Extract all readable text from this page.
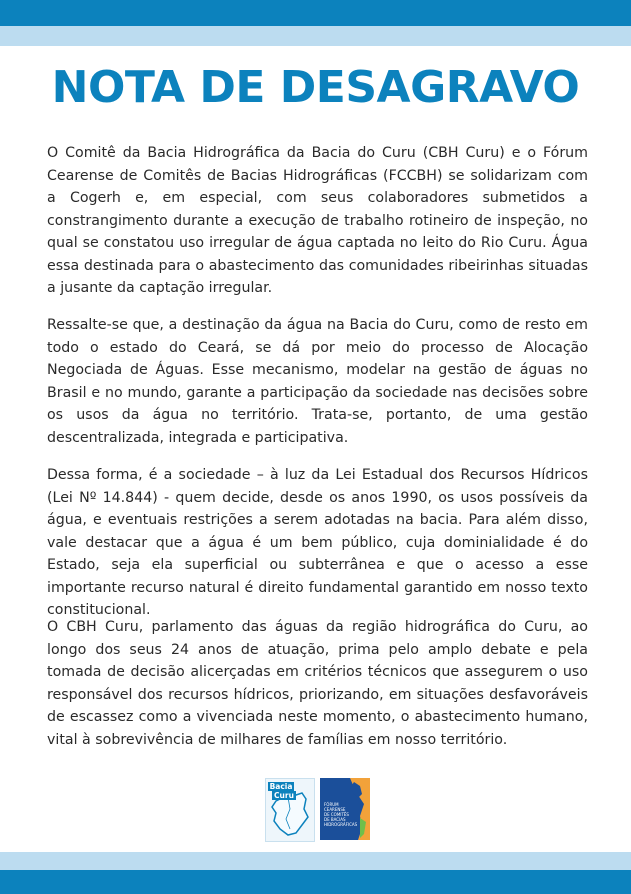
NOTA DE DESAGRAVO

O Comitê da Bacia Hidrográfica da Bacia do Curu (CBH Curu) e o Fórum Cearense de Comitês de Bacias Hidrográficas (FCCBH) se solidarizam com a Cogerh e, em especial, com seus colaboradores submetidos a constrangimento durante a execução de trabalho rotineiro de inspeção, no qual se constatou uso irregular de água captada no leito do Rio Curu. Água essa destinada para o abastecimento das comunidades ribeirinhas situadas a jusante da captação irregular.

Ressalte-se que, a destinação da água na Bacia do Curu, como de resto em todo o estado do Ceará, se dá por meio do processo de Alocação Negociada de Águas. Esse mecanismo, modelar na gestão de águas no Brasil e no mundo, garante a participação da sociedade nas decisões sobre os usos da água no território. Trata-se, portanto, de uma gestão descentralizada, integrada e participativa.

Dessa forma, é a sociedade – à luz da Lei Estadual dos Recursos Hídricos (Lei Nº 14.844) - quem decide, desde os anos 1990, os usos possíveis da água, e eventuais restrições a serem adotadas na bacia. Para além disso, vale destacar que a água é um bem público, cuja dominialidade é do Estado, seja ela superficial ou subterrânea e que o acesso a esse importante recurso natural é direito fundamental garantido em nosso texto constitucional.

O CBH Curu, parlamento das águas da região hidrográfica do Curu, ao longo dos seus 24 anos de atuação, prima pelo amplo debate e pela tomada de decisão alicerçadas em critérios técnicos que assegurem o uso responsável dos recursos hídricos, priorizando, em situações desfavoráveis de escassez como a vivenciada neste momento, o abastecimento humano, vital à sobrevivência de milhares de famílias em nosso território.

Bacia
Curu
FÓRUM
CEARENSE
DE COMITÊS
DE BACIAS
HIDROGRÁFICAS
